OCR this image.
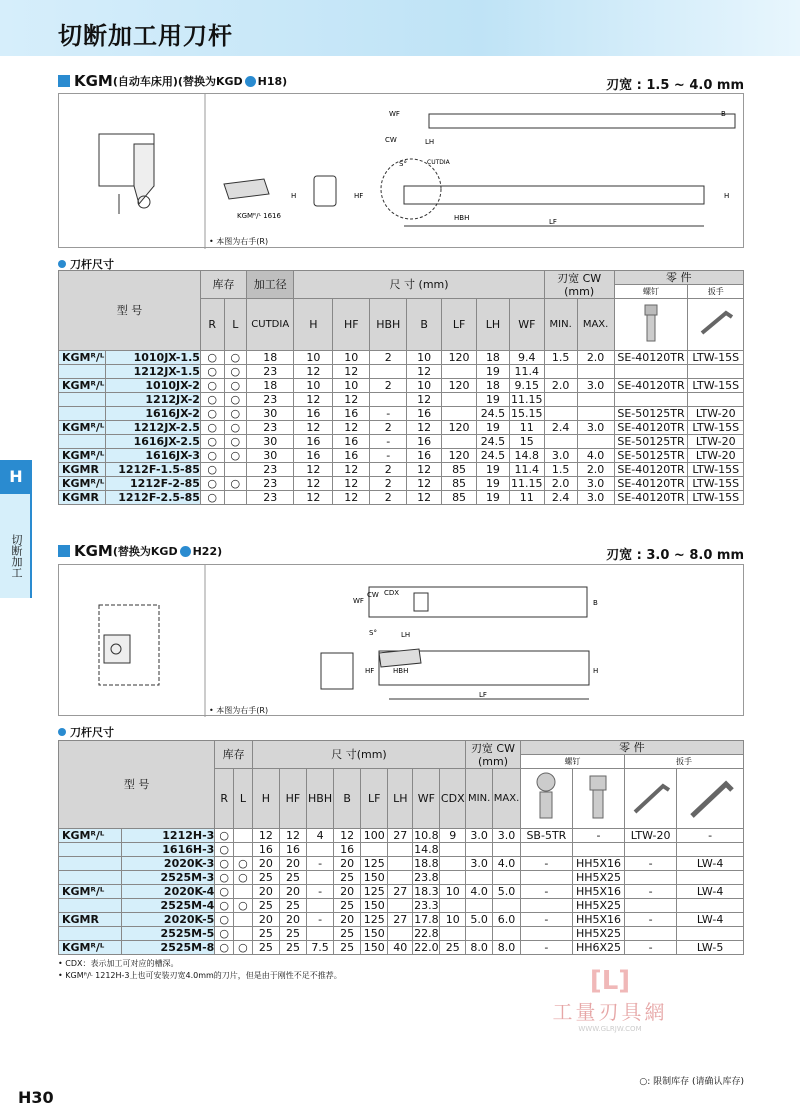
切断加工用刀杆
H
切断加工
KGM (自动车床用)(替换为KGD H18 )	刃宽 : 1.5 ~ 4.0 mm
WF	B
CW	LH
S°	CUTDIA
H	HF
HBH	LF
H
KGMᴿ/ᴸ 1616
• 本图为右手(R)
刀杆尺寸
型 号		库存		加工径	尺 寸 (mm)							刃宽 CW (mm)		零 件	
														螺钉	扳手
		R	L	CUTDIA	H	HF	HBH	B	LF	LH	WF	MIN.	MAX.		
KGMᴿ/ᴸ	1010JX-1.5	○	○	18	10	10	2	10	120	18	9.4	1.5	2.0	SE-40120TR	LTW-15S
	1212JX-1.5	○	○	23	12	12		12		19	11.4				
KGMᴿ/ᴸ	1010JX-2	○	○	18	10	10	2	10	120	18	9.15	2.0	3.0	SE-40120TR	LTW-15S
	1212JX-2	○	○	23	12	12		12		19	11.15				
	1616JX-2	○	○	30	16	16	-	16		24.5	15.15			SE-50125TR	LTW-20
KGMᴿ/ᴸ	1212JX-2.5	○	○	23	12	12	2	12	120	19	11	2.4	3.0	SE-40120TR	LTW-15S
	1616JX-2.5	○	○	30	16	16	-	16		24.5	15			SE-50125TR	LTW-20
KGMᴿ/ᴸ	1616JX-3	○	○	30	16	16	-	16	120	24.5	14.8	3.0	4.0	SE-50125TR	LTW-20
KGMR	1212F-1.5-85	○		23	12	12	2	12	85	19	11.4	1.5	2.0	SE-40120TR	LTW-15S
KGMᴿ/ᴸ	1212F-2-85	○	○	23	12	12	2	12	85	19	11.15	2.0	3.0	SE-40120TR	LTW-15S
KGMR	1212F-2.5-85	○		23	12	12	2	12	85	19	11	2.4	3.0	SE-40120TR	LTW-15S
KGM (替换为KGD H22 )	刃宽 : 3.0 ~ 8.0 mm
WF
CW CDX
B
S°	LH
HF	HBH	H
LF
• 本图为右手(R)
刀杆尺寸
型 号		库存		尺 寸(mm)								刃宽 CW (mm)		零 件			
														螺钉		扳手	
		R	L	H	HF	HBH	B	LF	LH	WF	CDX	MIN.	MAX.				
KGMᴿ/ᴸ	1212H-3	○		12	12	4	12	100	27	10.8	9	3.0	3.0	SB-5TR	-	LTW-20	-
	1616H-3	○		16	16		16			14.8							
	2020K-3	○	○	20	20	-	20	125		18.8		3.0	4.0	-	HH5X16	-	LW-4
	2525M-3	○	○	25	25		25	150		23.8					HH5X25		
KGMᴿ/ᴸ	2020K-4	○		20	20	-	20	125	27	18.3	10	4.0	5.0	-	HH5X16	-	LW-4
	2525M-4	○	○	25	25		25	150		23.3					HH5X25		
KGMR	2020K-5	○		20	20	-	20	125	27	17.8	10	5.0	6.0	-	HH5X16	-	LW-4
	2525M-5	○		25	25		25	150		22.8					HH5X25		
KGMᴿ/ᴸ	2525M-8	○	○	25	25	7.5	25	150	40	22.0	25	8.0	8.0	-	HH6X25	-	LW-5
• CDX：表示加工可对应的槽深。
• KGMᴿ/ᴸ 1212H-3上也可安装刃宽4.0mm的刀片，但是由于刚性不足不推荐。	[L]
工量刃具網
WWW.GLRJW.COM
○: 限制库存 (请确认库存)
H30
